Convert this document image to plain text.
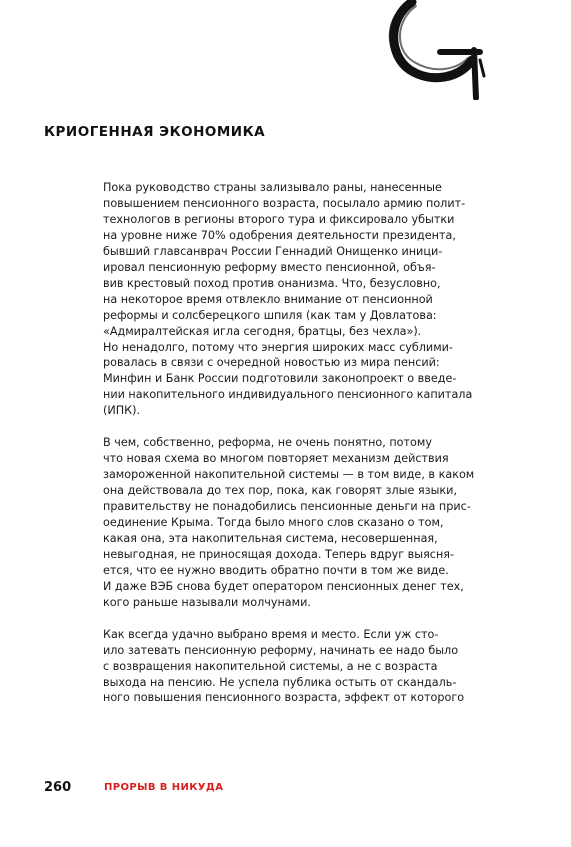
КРИОГЕННАЯ ЭКОНОМИКА
Пока руководство страны зализывало раны, нанесенные
повышением пенсионного возраста, посылало армию полит-
технологов в регионы второго тура и фиксировало убытки
на уровне ниже 70% одобрения деятельности президента,
бывший главсанврач России Геннадий Онищенко иници-
ировал пенсионную реформу вместо пенсионной, объя-
вив крестовый поход против онанизма. Что, безусловно,
на некоторое время отвлекло внимание от пенсионной
реформы и солсберецкого шпиля (как там у Довлатова:
«Адмиралтейская игла сегодня, братцы, без чехла»).
Но ненадолго, потому что энергия широких масс сублими-
ровалась в связи с очередной новостью из мира пенсий:
Минфин и Банк России подготовили законопроект о введе-
нии накопительного индивидуального пенсионного капитала
(ИПК).
В чем, собственно, реформа, не очень понятно, потому
что новая схема во многом повторяет механизм действия
замороженной накопительной системы — в том виде, в каком
она действовала до тех пор, пока, как говорят злые языки,
правительству не понадобились пенсионные деньги на прис-
оединение Крыма. Тогда было много слов сказано о том,
какая она, эта накопительная система, несовершенная,
невыгодная, не приносящая дохода. Теперь вдруг выясня-
ется, что ее нужно вводить обратно почти в том же виде.
И даже ВЭБ снова будет оператором пенсионных денег тех,
кого раньше называли молчунами.
Как всегда удачно выбрано время и место. Если уж сто-
ило затевать пенсионную реформу, начинать ее надо было
с возвращения накопительной системы, а не с возраста
выхода на пенсию. Не успела публика остыть от скандаль-
ного повышения пенсионного возраста, эффект от которого
260	ПРОРЫВ В НИКУДА
